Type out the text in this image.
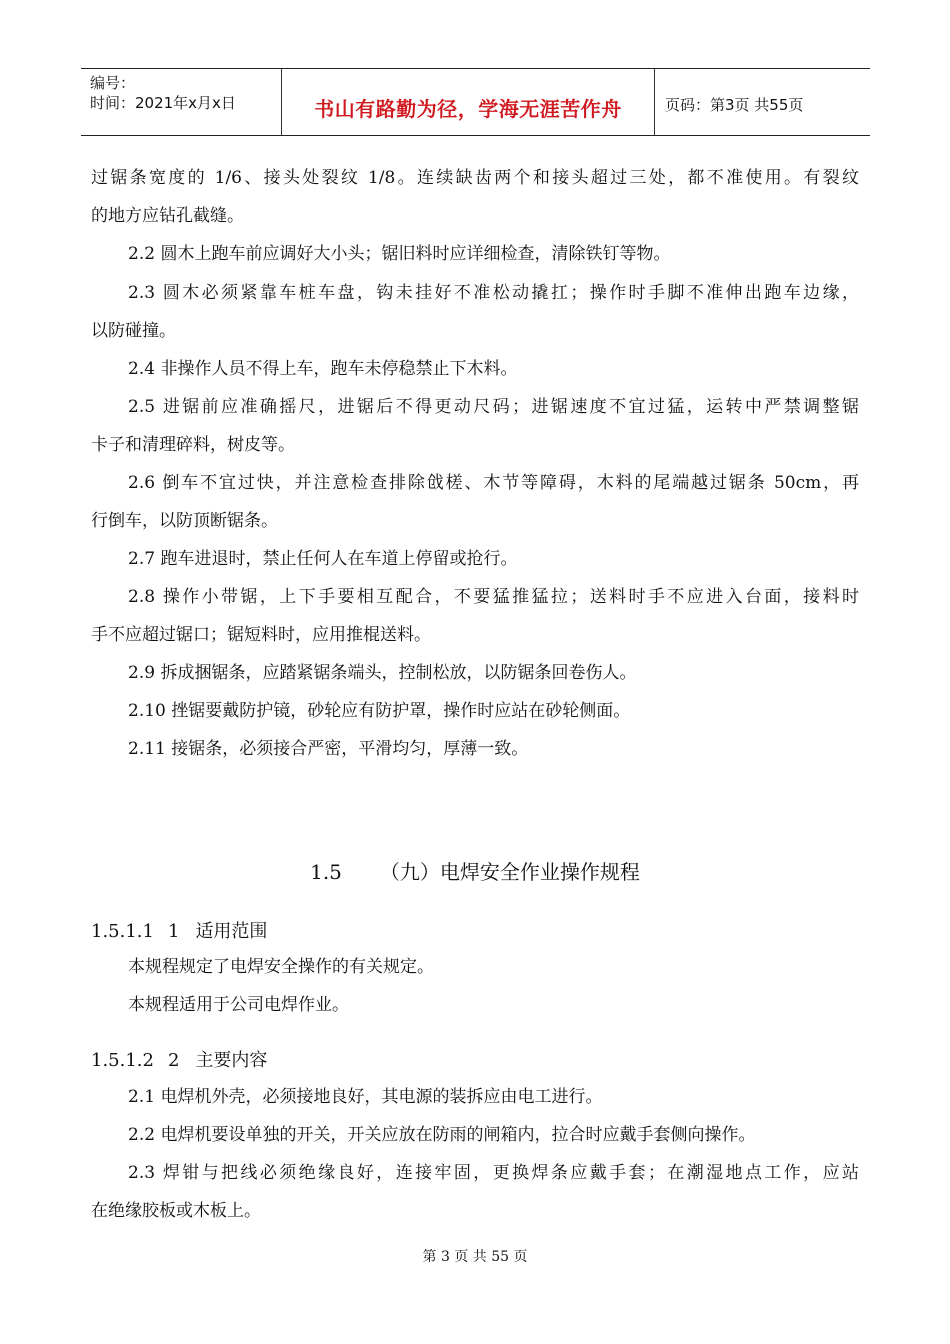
编号：
时间：2021年x月x日	书山有路勤为径，学海无涯苦作舟	页码：第3页 共55页
过锯条宽度的 1/6、接头处裂纹 1/8。连续缺齿两个和接头超过三处，都不准使用。有裂纹
的地方应钻孔截缝。
2.2 圆木上跑车前应调好大小头；锯旧料时应详细检查，清除铁钉等物。
2.3 圆木必须紧靠车桩车盘，钩未挂好不准松动撬扛；操作时手脚不准伸出跑车边缘，
以防碰撞。
2.4 非操作人员不得上车，跑车未停稳禁止下木料。
2.5 进锯前应准确摇尺，进锯后不得更动尺码；进锯速度不宜过猛，运转中严禁调整锯
卡子和清理碎料，树皮等。
2.6 倒车不宜过快，并注意检查排除戗槎、木节等障碍，木料的尾端越过锯条 50cm，再
行倒车，以防顶断锯条。
2.7 跑车进退时，禁止任何人在车道上停留或抢行。
2.8 操作小带锯，上下手要相互配合，不要猛推猛拉；送料时手不应进入台面，接料时
手不应超过锯口；锯短料时，应用推棍送料。
2.9 拆成捆锯条，应踏紧锯条端头，控制松放，以防锯条回卷伤人。
2.10 挫锯要戴防护镜，砂轮应有防护罩，操作时应站在砂轮侧面。
2.11 接锯条，必须接合严密，平滑均匀，厚薄一致。
1.5 （九）电焊安全作业操作规程
1.5.1.1 1 适用范围
本规程规定了电焊安全操作的有关规定。
本规程适用于公司电焊作业。
1.5.1.2 2 主要内容
2.1 电焊机外壳，必须接地良好，其电源的装拆应由电工进行。
2.2 电焊机要设单独的开关，开关应放在防雨的闸箱内，拉合时应戴手套侧向操作。
2.3 焊钳与把线必须绝缘良好，连接牢固，更换焊条应戴手套；在潮湿地点工作，应站
在绝缘胶板或木板上。
第 3 页 共 55 页
